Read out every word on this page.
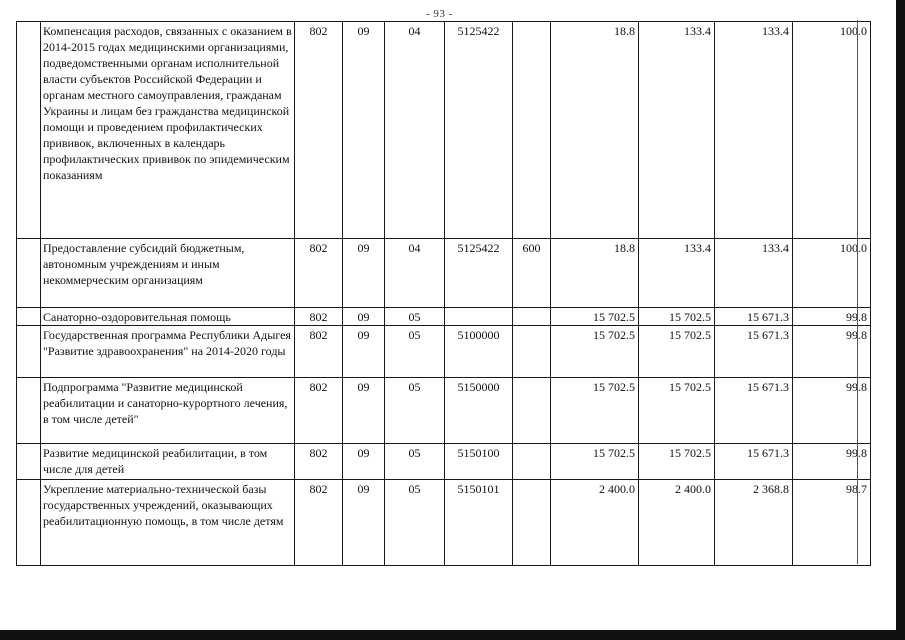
- 93 -
	Компенсация расходов, связанных с оказанием в 2014-2015 годах медицинскими организациями, подведомственными органам исполнительной власти субъектов Российской Федерации и органам местного самоуправления, гражданам Украины и лицам без гражданства медицинской помощи и проведением профилактических прививок, включенных в календарь профилактических прививок по эпидемическим показаниям	802	09	04	5125422		18.8	133.4	133.4	100.0
	Предоставление субсидий бюджетным, автономным учреждениям и иным некоммерческим организациям	802	09	04	5125422	600	18.8	133.4	133.4	100.0
	Санаторно-оздоровительная помощь	802	09	05			15 702.5	15 702.5	15 671.3	99.8
	Государственная программа Республики Адыгея "Развитие здравоохранения" на 2014-2020 годы	802	09	05	5100000		15 702.5	15 702.5	15 671.3	99.8
	Подпрограмма "Развитие медицинской реабилитации и санаторно-курортного лечения, в том числе детей"	802	09	05	5150000		15 702.5	15 702.5	15 671.3	99.8
	Развитие медицинской реабилитации, в том числе для детей	802	09	05	5150100		15 702.5	15 702.5	15 671.3	99.8
	Укрепление материально-технической базы государственных учреждений, оказывающих реабилитационную помощь, в том числе детям	802	09	05	5150101		2 400.0	2 400.0	2 368.8	98.7
